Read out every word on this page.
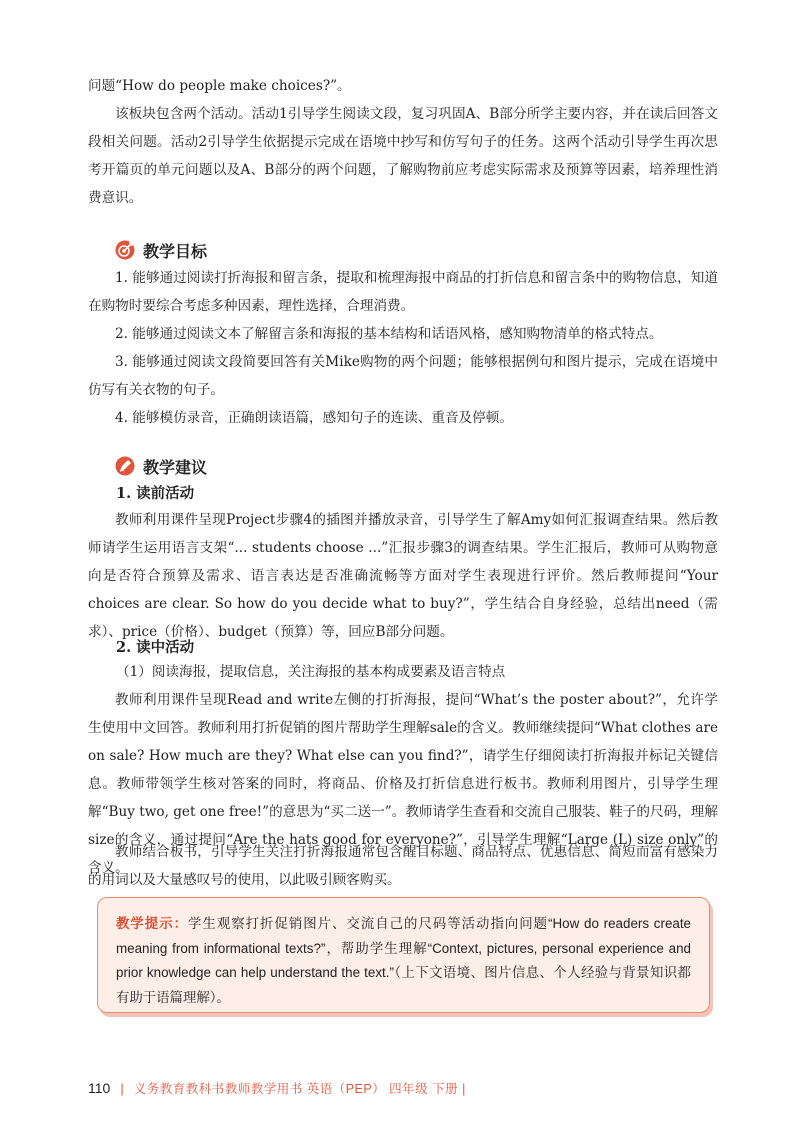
问题“How do people make choices?”。

该板块包含两个活动。活动1引导学生阅读文段，复习巩固A、B部分所学主要内容，并在读后回答文段相关问题。活动2引导学生依据提示完成在语境中抄写和仿写句子的任务。这两个活动引导学生再次思考开篇页的单元问题以及A、B部分的两个问题，了解购物前应考虑实际需求及预算等因素，培养理性消费意识。

教学目标

1. 能够通过阅读打折海报和留言条，提取和梳理海报中商品的打折信息和留言条中的购物信息，知道在购物时要综合考虑多种因素，理性选择，合理消费。

2. 能够通过阅读文本了解留言条和海报的基本结构和话语风格，感知购物清单的格式特点。

3. 能够通过阅读文段简要回答有关Mike购物的两个问题；能够根据例句和图片提示，完成在语境中仿写有关衣物的句子。

4. 能够模仿录音，正确朗读语篇，感知句子的连读、重音及停顿。

教学建议
1. 读前活动

教师利用课件呈现Project步骤4的插图并播放录音，引导学生了解Amy如何汇报调查结果。然后教师请学生运用语言支架“... students choose ...”汇报步骤3的调查结果。学生汇报后，教师可从购物意向是否符合预算及需求、语言表达是否准确流畅等方面对学生表现进行评价。然后教师提问“Your choices are clear. So how do you decide what to buy?”，学生结合自身经验，总结出need（需求）、price（价格）、budget（预算）等，回应B部分问题。

2. 读中活动
（1）阅读海报，提取信息，关注海报的基本构成要素及语言特点

教师利用课件呈现Read and write左侧的打折海报，提问“What’s the poster about?”，允许学生使用中文回答。教师利用打折促销的图片帮助学生理解sale的含义。教师继续提问“What clothes are on sale? How much are they? What else can you find?”，请学生仔细阅读打折海报并标记关键信息。教师带领学生核对答案的同时，将商品、价格及打折信息进行板书。教师利用图片，引导学生理解“Buy two, get one free!”的意思为“买二送一”。教师请学生查看和交流自己服装、鞋子的尺码，理解size的含义，通过提问“Are the hats good for everyone?”，引导学生理解“Large (L) size only”的含义。

教师结合板书，引导学生关注打折海报通常包含醒目标题、商品特点、优惠信息、简短而富有感染力的用词以及大量感叹号的使用，以此吸引顾客购买。

教学提示：学生观察打折促销图片、交流自己的尺码等活动指向问题“How do readers create meaning from informational texts?”，帮助学生理解“Context, pictures, personal experience and prior knowledge can help understand the text.”（上下文语境、图片信息、个人经验与背景知识都有助于语篇理解）。

110 | 义务教育教科书教师教学用书 英语（PEP） 四年级 下册 |
